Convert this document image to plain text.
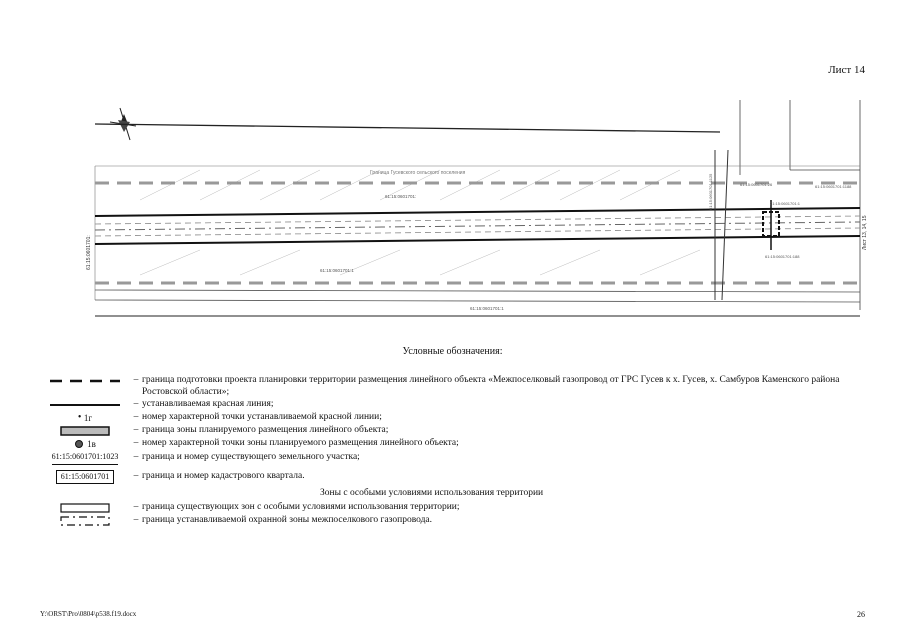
Лист 14
Граница Гусевского сельского поселения
61:15:0601701:
61:15:0601701:1
61:15:0601701:1
61:15:0601701:26	61:15:0601701:1188
61:15:0601701:1
61:15:0601701:188
61:15:0601701:
Лист 13, 14, 15
61:15:0601701:1125
Условные обозначения:
– граница подготовки проекта планировки территории размещения линейного объекта «Межпоселковый газопровод от ГРС Гусев к х. Гусев, х. Самбуров Каменского района Ростовской области»;
– устанавливаемая красная линия;
• 1г	– номер характерной точки устанавливаемой красной линии;
– граница зоны планируемого размещения линейного объекта;
1в	– номер характерной точки зоны планируемого размещения линейного объекта;
61:15:0601701:1023	– граница и номер существующего земельного участка;
61:15:0601701	– граница и номер кадастрового квартала.
Зоны с особыми условиями использования территории
– граница существующих зон с особыми условиями использования территории;
– граница устанавливаемой охранной зоны межпоселкового газопровода.
Y:\ORST\Pro\0804\p538.f19.docx	26
